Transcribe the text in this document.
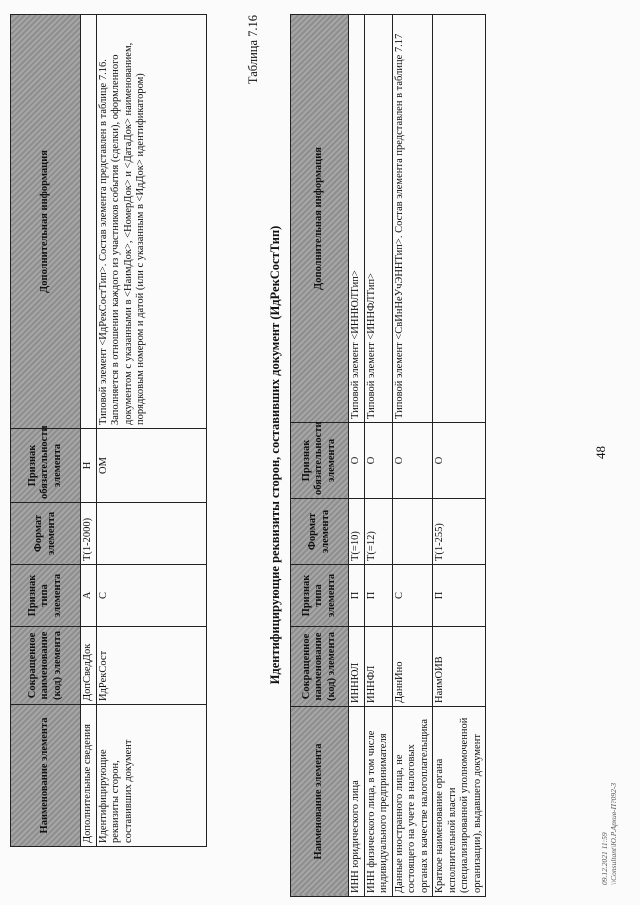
Наименование элемента	Сокращенное наименование (код) элемента	Признак типа элемента	Формат элемента	Признак обязательности элемента	Дополнительная информация
Дополнительные сведения	ДопСведДок	А	Т(1-2000)	Н	
Идентифицирующие реквизиты сторон, составивших документ	ИдРекСост	С		ОМ	Типовой элемент <ИдРекСостТип>. Состав элемента представлен в таблице 7.16. Заполняется в отношении каждого из участников события (сделки), оформленного документом с указанными в <НаимДок>, <НомерДок> и <ДатаДок> наименованием, порядковым номером и датой (или с указанным в <ИдДок> идентификатором)
Таблица 7.16
Идентифицирующие реквизиты сторон, составивших документ (ИдРекСостТип)
Наименование элемента	Сокращенное наименование (код) элемента	Признак типа элемента	Формат элемента	Признак обязательности элемента	Дополнительная информация
ИНН юридического лица	ИННЮЛ	П	Т(=10)	О	Типовой элемент <ИННЮЛТип>
ИНН физического лица, в том числе индивидуального предпринимателя	ИННФЛ	П	Т(=12)	О	Типовой элемент <ИННФЛТип>
Данные иностранного лица, не состоящего на учете в налоговых органах в качестве налогоплательщика	ДаннИно	С		О	Типовой элемент <СвИнНеУчЭННТип>. Состав элемента представлен в таблице 7.17
Краткое наименование органа исполнительной власти (специализированной уполномоченной организации), выдавшего документ	НаимОИВ	П	Т(1-255)	О	
48
09.12.2021 11:59 \\Consultant\Ю.Р.Архив-П?092-3
